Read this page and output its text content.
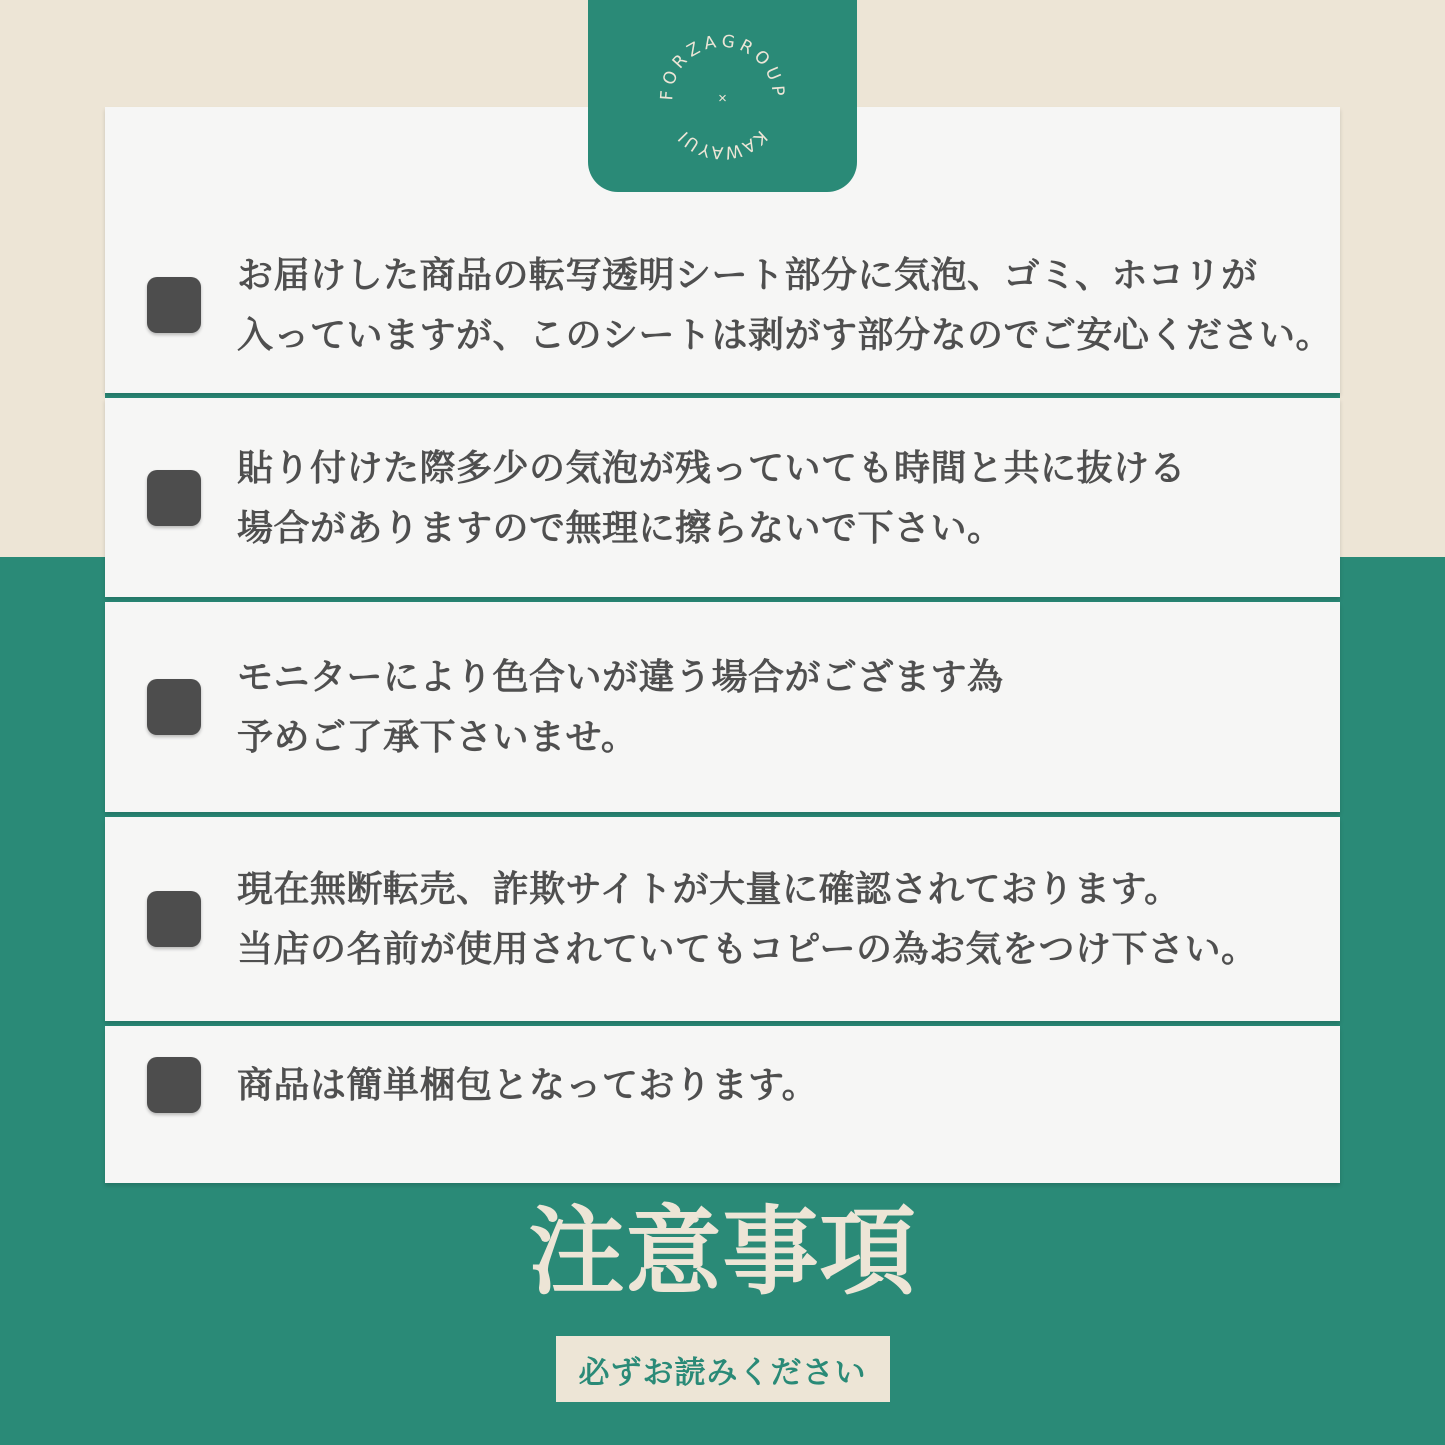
お届けした商品の転写透明シート部分に気泡、ゴミ、ホコリが
入っていますが、このシートは剥がす部分なのでご安心ください。
貼り付けた際多少の気泡が残っていても時間と共に抜ける
場合がありますので無理に擦らないで下さい。
モニターにより色合いが違う場合がござます為
予めご了承下さいませ。
現在無断転売、詐欺サイトが大量に確認されております。
当店の名前が使用されていてもコピーの為お気をつけ下さい。
商品は簡単梱包となっております。
FORZAGROUP
KAWAYUI
×
注意事項
必ずお読みください
